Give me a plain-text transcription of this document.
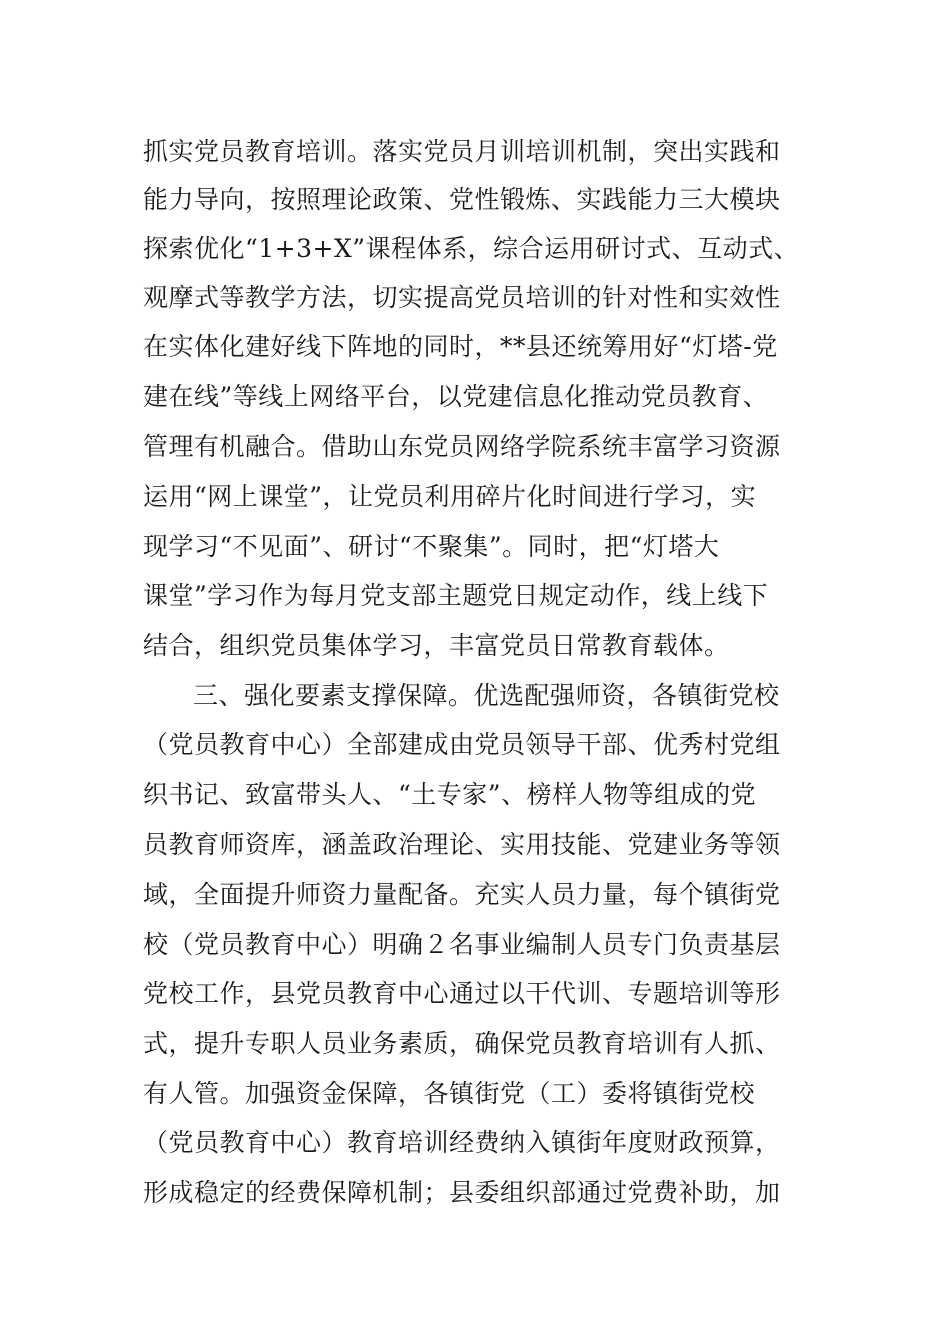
抓实党员教育培训。落实党员月训培训机制，突出实践和
能力导向，按照理论政策、党性锻炼、实践能力三大模块
探索优化“1+3+X”课程体系，综合运用研讨式、互动式、
观摩式等教学方法，切实提高党员培训的针对性和实效性
在实体化建好线下阵地的同时，**县还统筹用好“灯塔-党
建在线”等线上网络平台，以党建信息化推动党员教育、
管理有机融合。借助山东党员网络学院系统丰富学习资源
运用“网上课堂”，让党员利用碎片化时间进行学习，实
现学习“不见面”、研讨“不聚集”。同时，把“灯塔大
课堂”学习作为每月党支部主题党日规定动作，线上线下
结合，组织党员集体学习，丰富党员日常教育载体。
三、强化要素支撑保障。优选配强师资，各镇街党校
（党员教育中心）全部建成由党员领导干部、优秀村党组
织书记、致富带头人、“土专家”、榜样人物等组成的党
员教育师资库，涵盖政治理论、实用技能、党建业务等领
域，全面提升师资力量配备。充实人员力量，每个镇街党
校（党员教育中心）明确２名事业编制人员专门负责基层
党校工作，县党员教育中心通过以干代训、专题培训等形
式，提升专职人员业务素质，确保党员教育培训有人抓、
有人管。加强资金保障，各镇街党（工）委将镇街党校
（党员教育中心）教育培训经费纳入镇街年度财政预算，
形成稳定的经费保障机制；县委组织部通过党费补助，加
